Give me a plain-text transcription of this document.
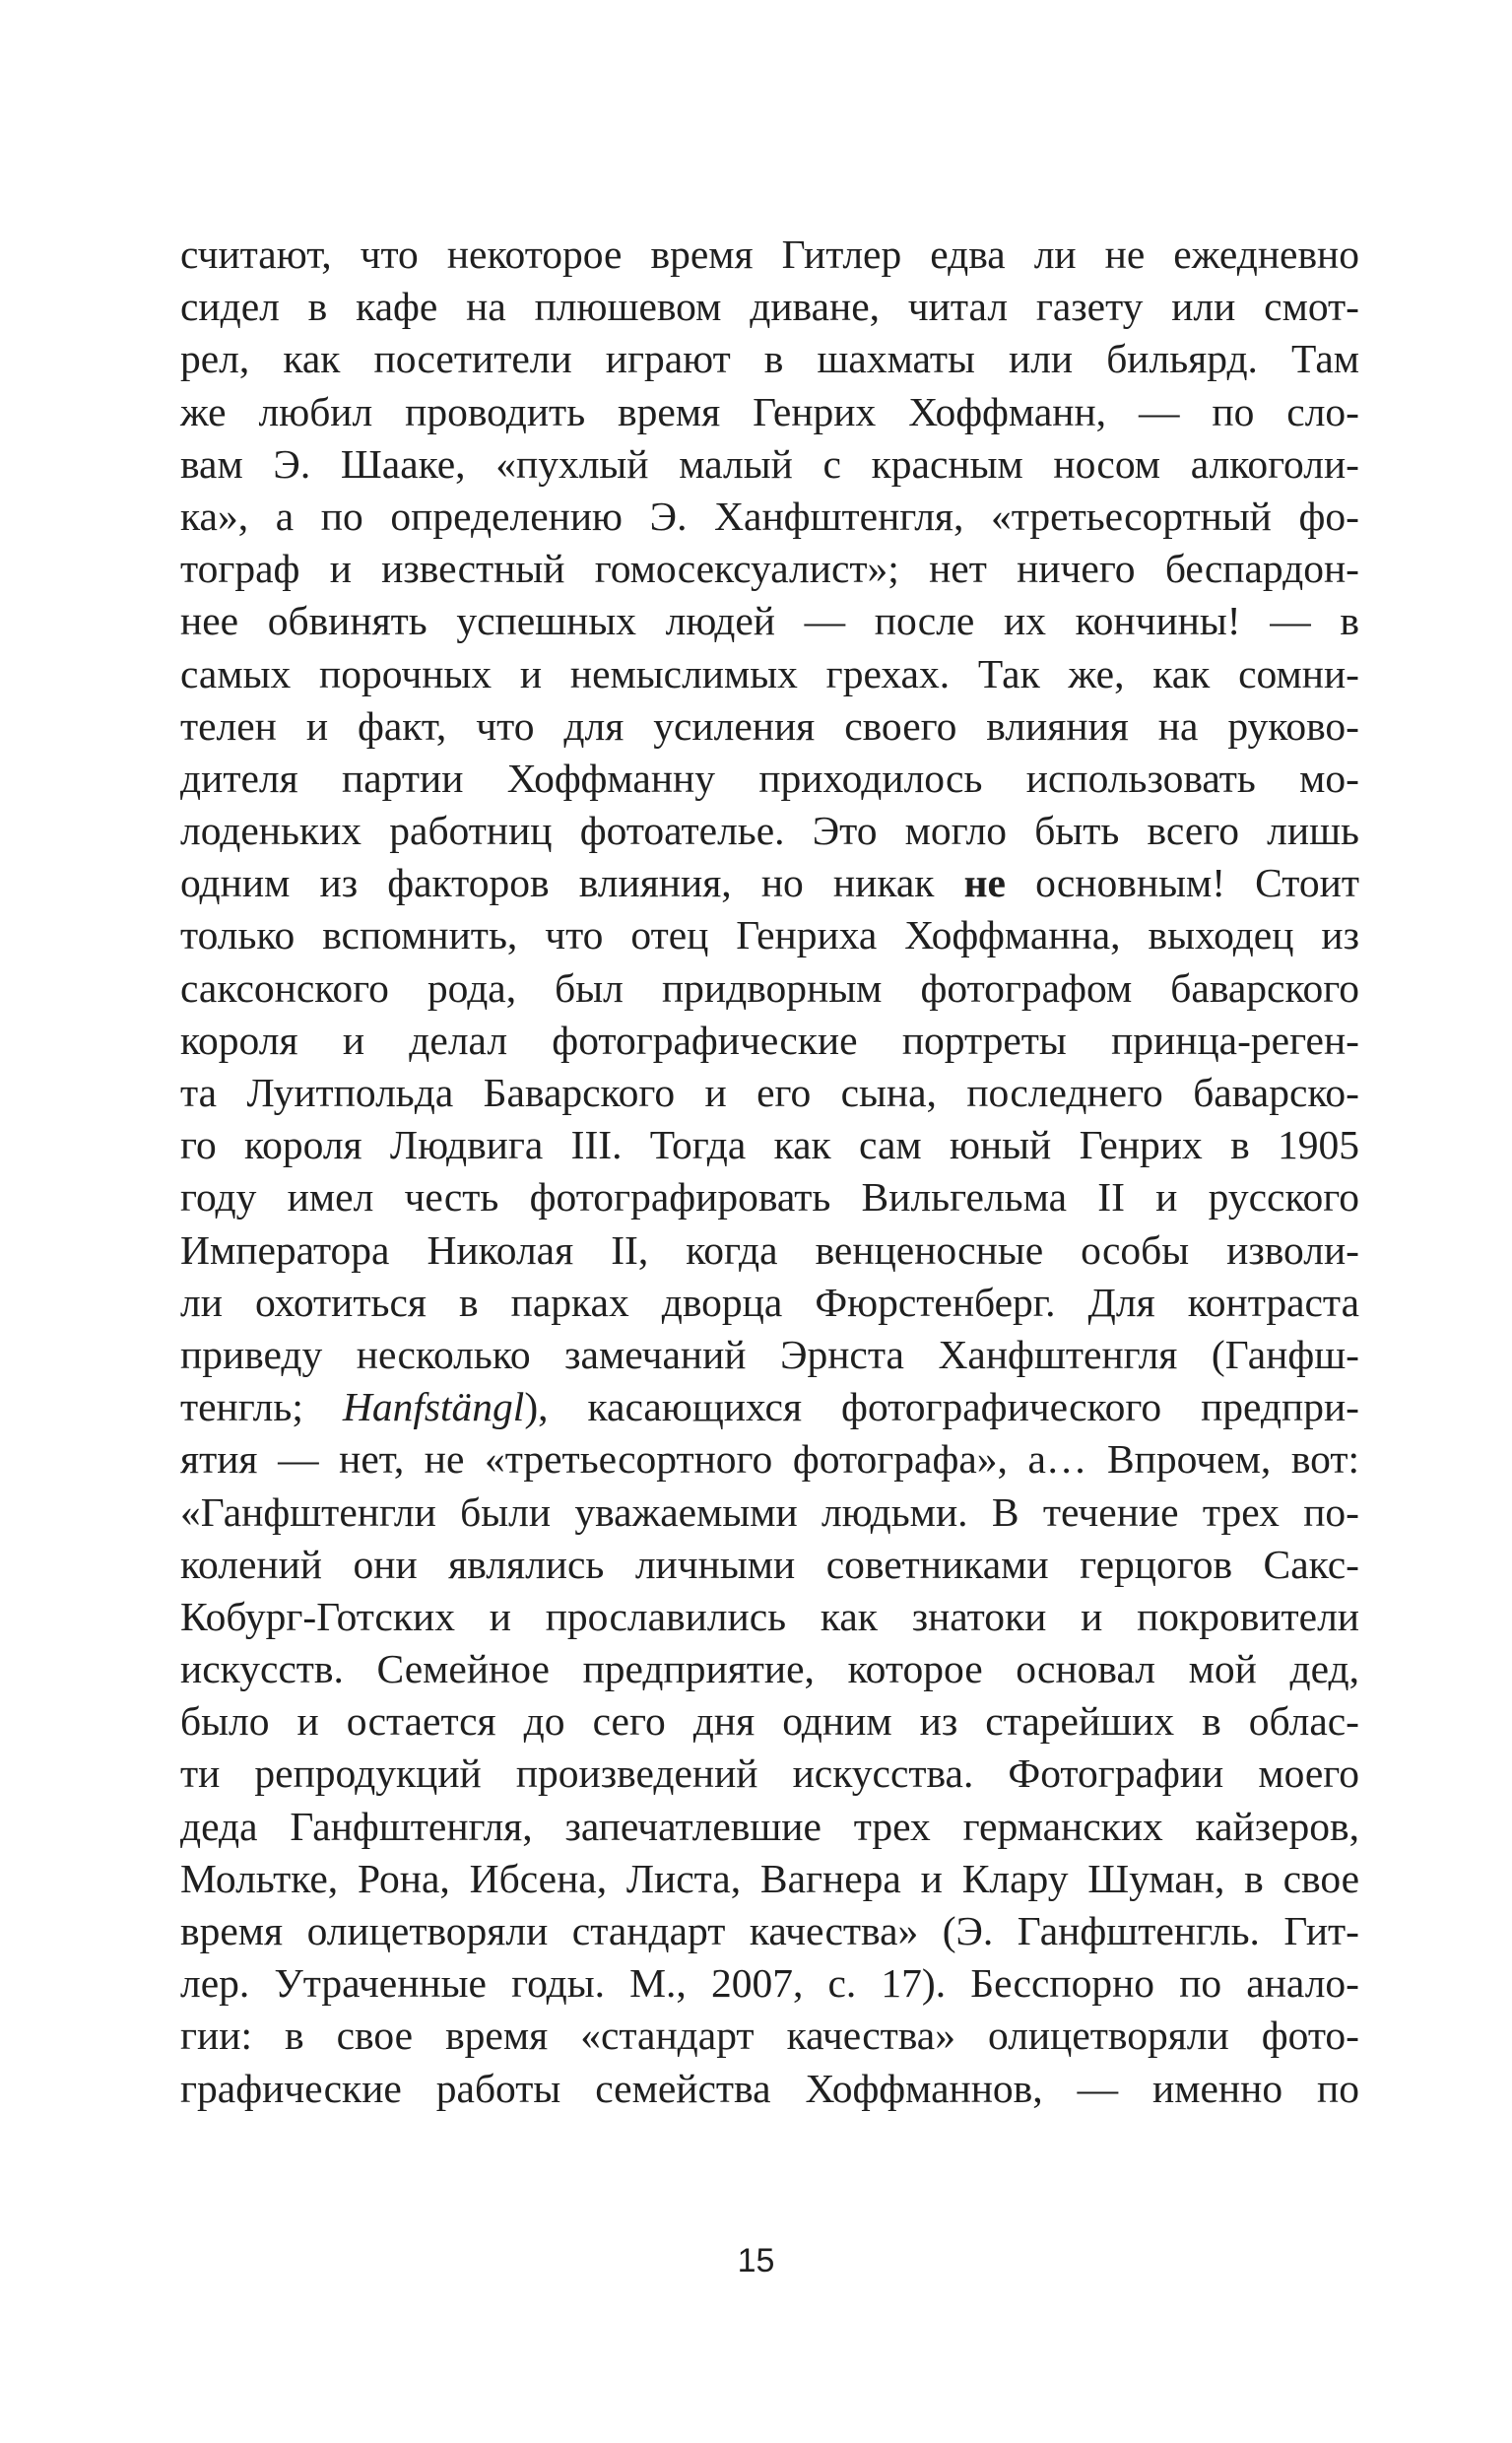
считают, что некоторое время Гитлер едва ли не ежедневно
сидел в кафе на плюшевом диване, читал газету или смот-
рел, как посетители играют в шахматы или бильярд. Там
же любил проводить время Генрих Хоффманн, — по сло-
вам Э. Шааке, «пухлый малый с красным носом алкоголи-
ка», а по определению Э. Ханфштенгля, «третьесортный фо-
тограф и известный гомосексуалист»; нет ничего беспардон-
нее обвинять успешных людей — после их кончины! — в
самых порочных и немыслимых грехах. Так же, как сомни-
телен и факт, что для усиления своего влияния на руково-
дителя партии Хоффманну приходилось использовать мо-
лоденьких работниц фотоателье. Это могло быть всего лишь
одним из факторов влияния, но никак не основным! Стоит
только вспомнить, что отец Генриха Хоффманна, выходец из
саксонского рода, был придворным фотографом баварского
короля и делал фотографические портреты принца-реген-
та Луитпольда Баварского и его сына, последнего баварско-
го короля Людвига III. Тогда как сам юный Генрих в 1905
году имел честь фотографировать Вильгельма II и русского
Императора Николая II, когда венценосные особы изволи-
ли охотиться в парках дворца Фюрстенберг. Для контраста
приведу несколько замечаний Эрнста Ханфштенгля (Ганфш-
тенгль; Hanfstängl), касающихся фотографического предпри-
ятия — нет, не «третьесортного фотографа», а… Впрочем, вот:
«Ганфштенгли были уважаемыми людьми. В течение трех по-
колений они являлись личными советниками герцогов Сакс-
Кобург-Готских и прославились как знатоки и покровители
искусств. Семейное предприятие, которое основал мой дед,
было и остается до сего дня одним из старейших в облас-
ти репродукций произведений искусства. Фотографии моего
деда Ганфштенгля, запечатлевшие трех германских кайзеров,
Мольтке, Рона, Ибсена, Листа, Вагнера и Клару Шуман, в свое
время олицетворяли стандарт качества» (Э. Ганфштенгль. Гит-
лер. Утраченные годы. М., 2007, с. 17). Бесспорно по анало-
гии: в свое время «стандарт качества» олицетворяли фото-
графические работы семейства Хоффманнов, — именно по
15
